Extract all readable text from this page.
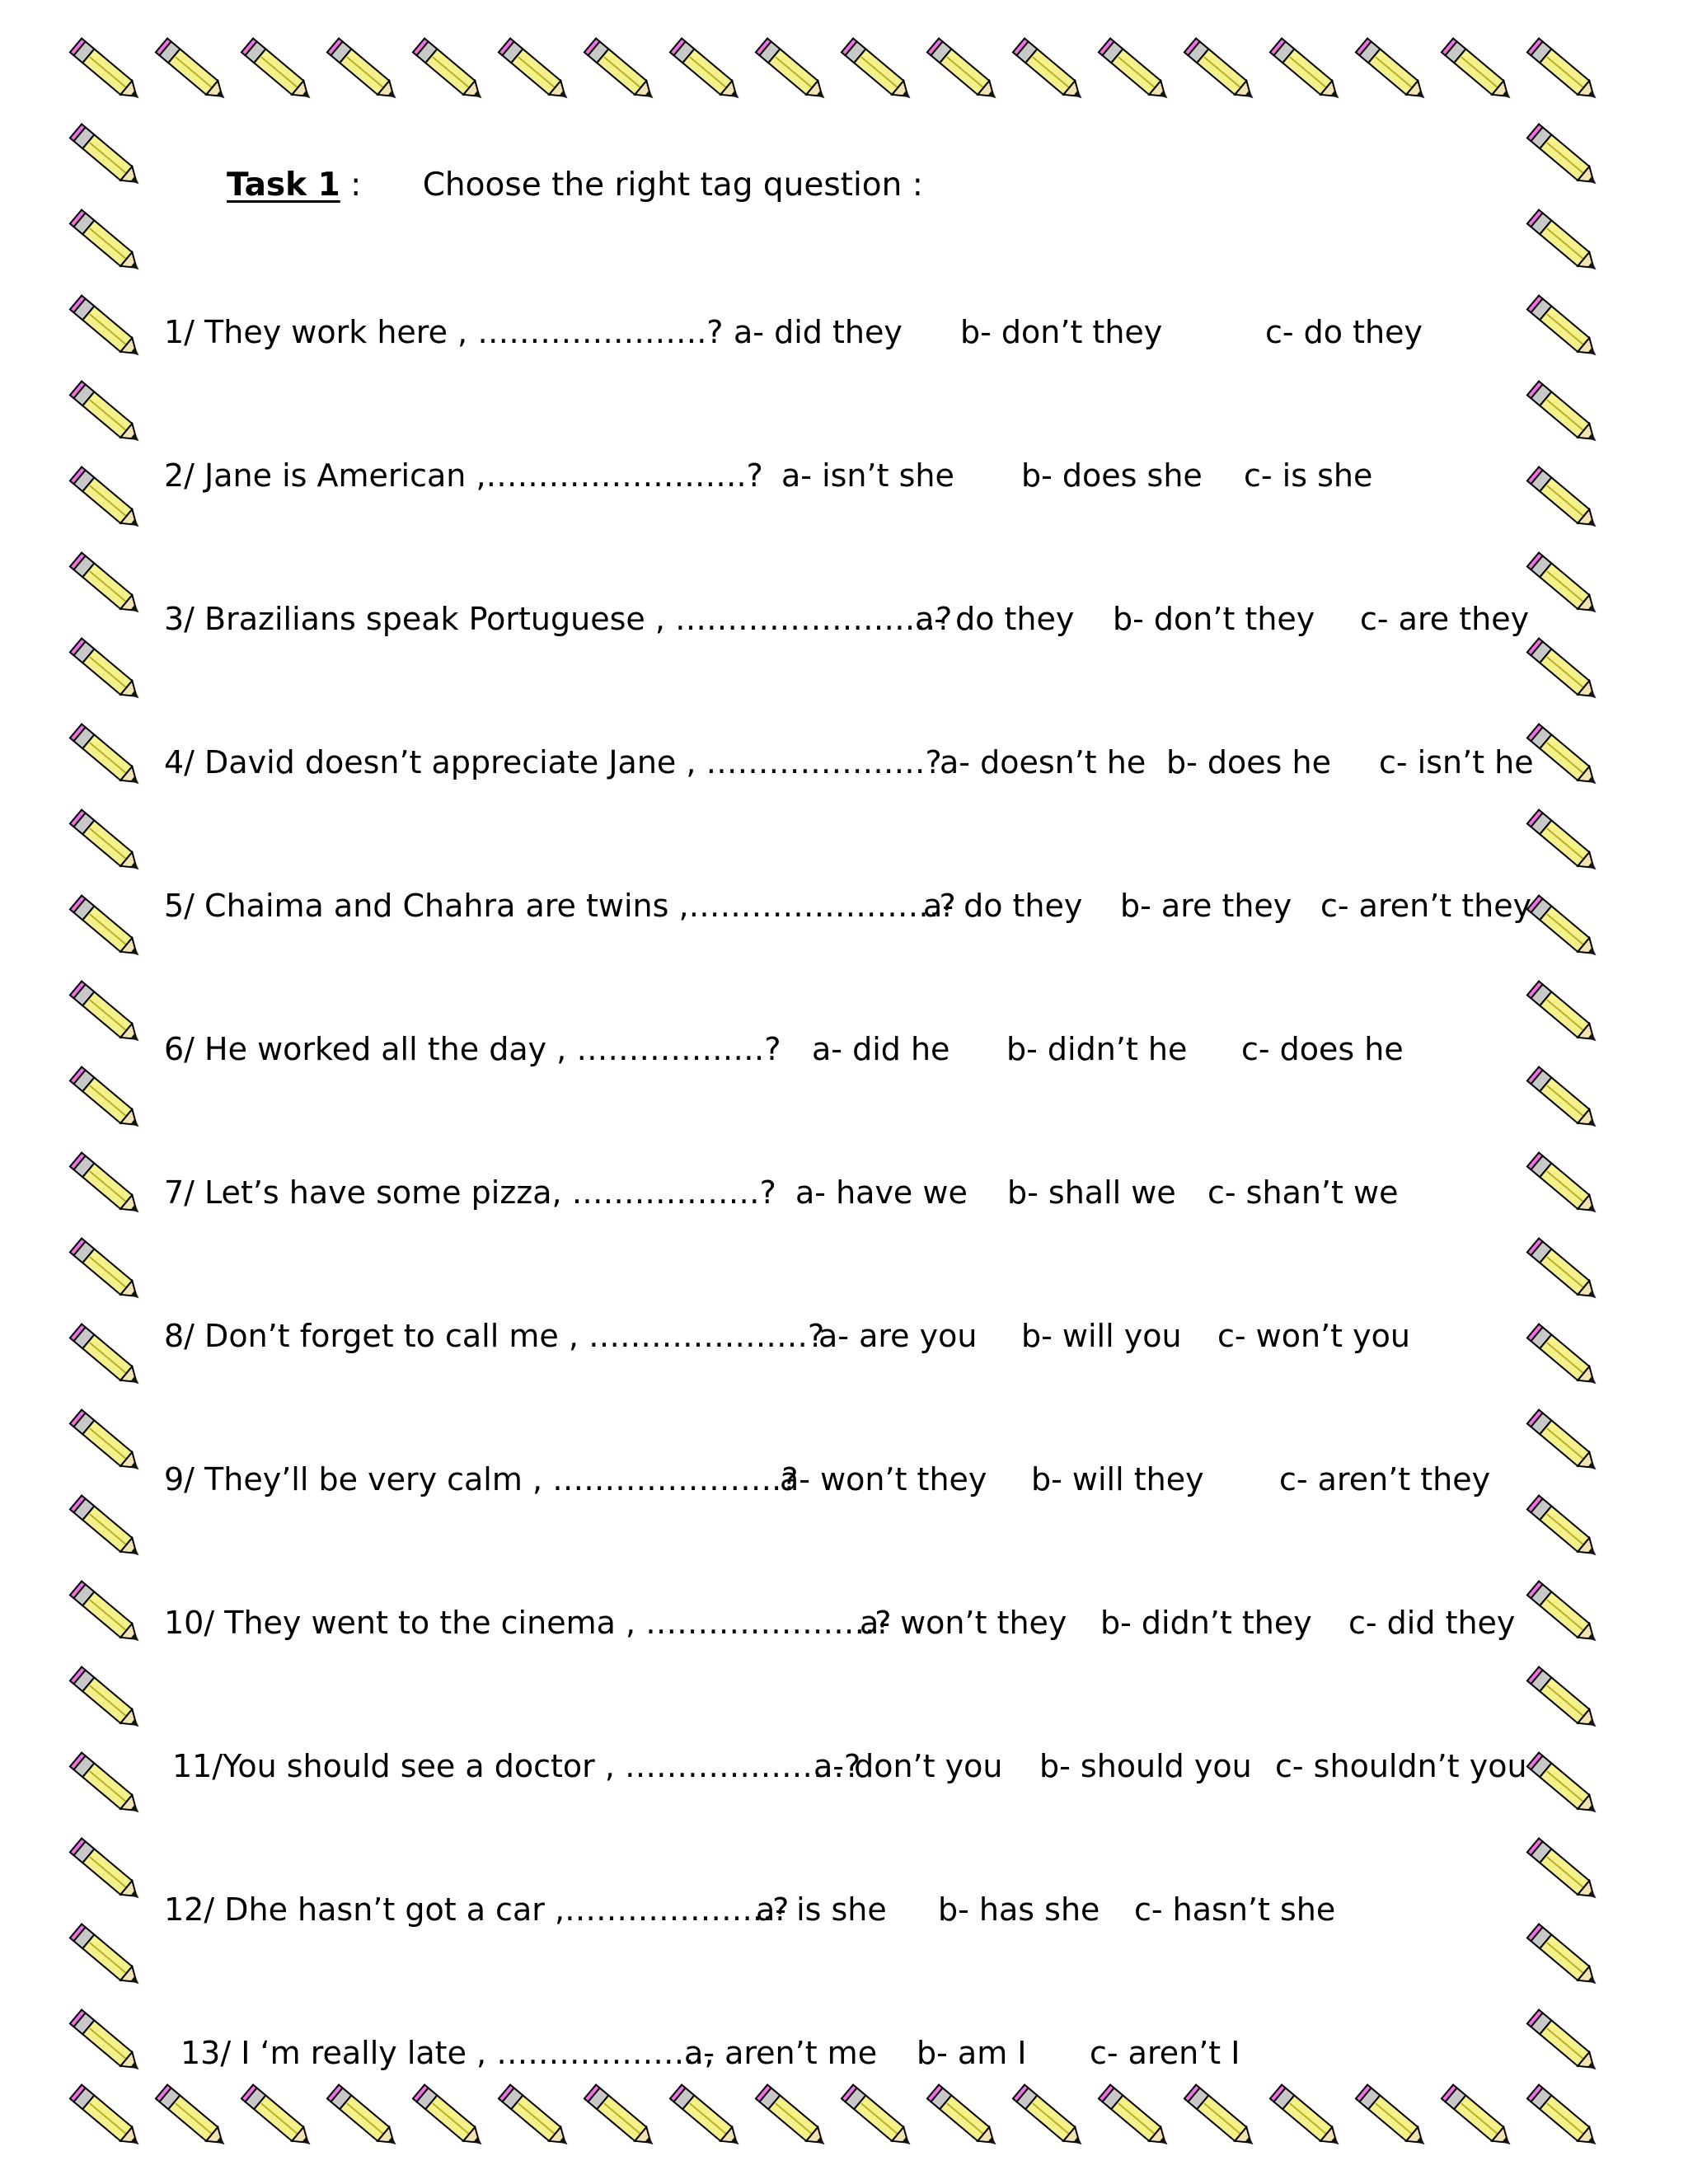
Task 1 : Choose the right tag question :
1/ They work here , ………………….? a- did they b- don’t they	c- do they
2/ Jane is American ,…………………….? a- isn’t she b- does she c- is she
3/ Brazilians speak Portuguese , …………………….?
a- do they b- don’t they c- are they
4/ David doesn’t appreciate Jane , …………………?
a- doesn’t he b- does he c- isn’t he
5/ Chaima and Chahra are twins ,……………………?
a- do they b- are they c- aren’t they
6/ He worked all the day , ………………? a- did he b- didn’t he c- does he
7/ Let’s have some pizza, ………………? a- have we b- shall we c- shan’t we
8/ Don’t forget to call me , …………………?
a- are you b- will you c- won’t you
9/ They’ll be very calm , ………………….?
a- won’t they b- will they c- aren’t they
10/ They went to the cinema , ………………….?
a- won’t they b- didn’t they c- did they
11/You should see a doctor , …………………?
a- don’t you b- should you c- shouldn’t you
12/ Dhe hasn’t got a car ,………………..?
a- is she b- has she c- hasn’t she
13/ I ‘m really late , ………………..,
a- aren’t me b- am I c- aren’t I
